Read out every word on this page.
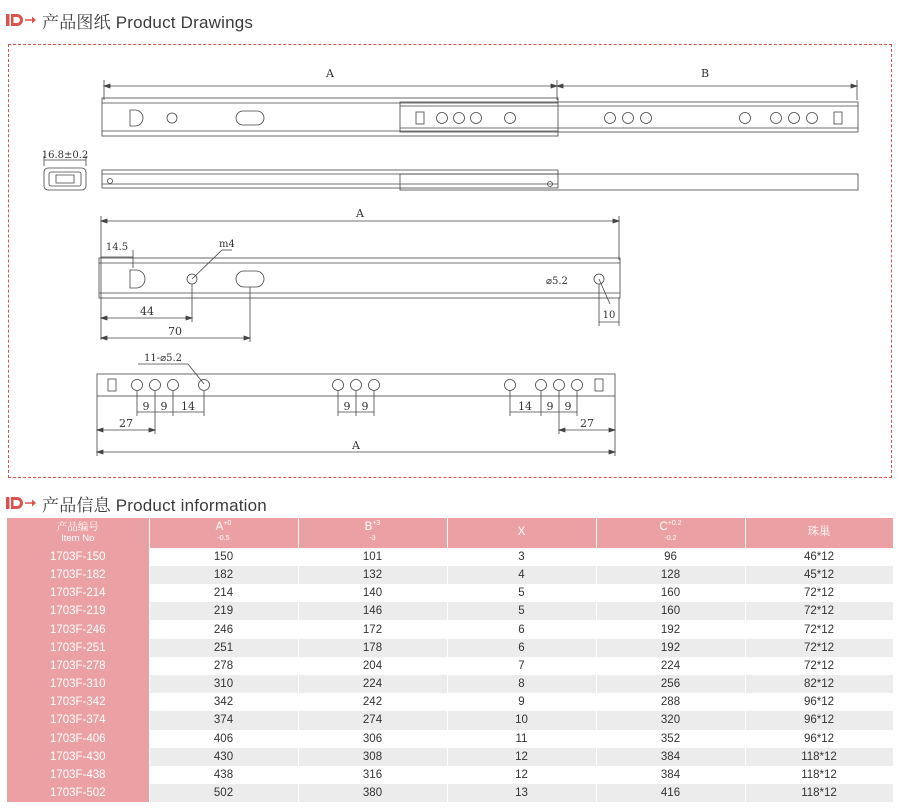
产品图纸 Product Drawings
A	B
16.8±0.2
A
14.5	m4
⌀5.2
44
70
10
11-⌀5.2
9 9 14	9 9	14 9 9
27	27
A
产品信息 Product information
产品编号
Item No	$A^{+0 -0.5}$	$B^{+3 -3}$	X	$C^{+0.2 -0.2}$	珠巢
1703F-150	150	101	3	96	46*12
1703F-182	182	132	4	128	45*12
1703F-214	214	140	5	160	72*12
1703F-219	219	146	5	160	72*12
1703F-246	246	172	6	192	72*12
1703F-251	251	178	6	192	72*12
1703F-278	278	204	7	224	72*12
1703F-310	310	224	8	256	82*12
1703F-342	342	242	9	288	96*12
1703F-374	374	274	10	320	96*12
1703F-406	406	306	11	352	96*12
1703F-430	430	308	12	384	118*12
1703F-438	438	316	12	384	118*12
1703F-502	502	380	13	416	118*12
